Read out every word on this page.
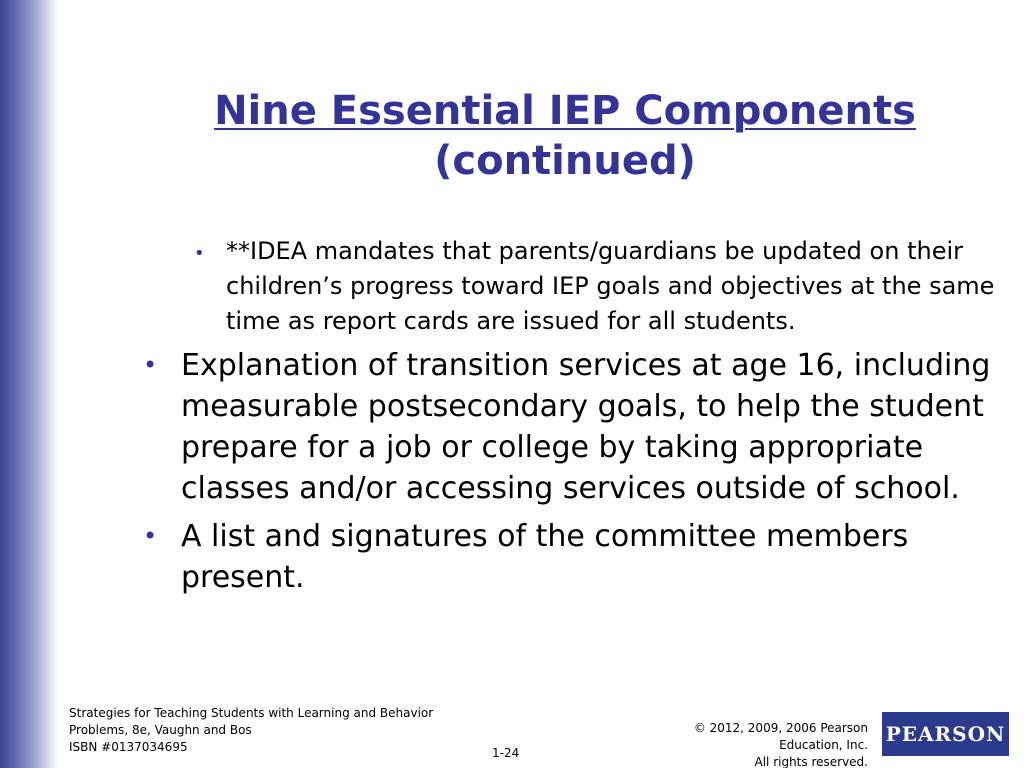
Nine Essential IEP Components
(continued)
• **IDEA mandates that parents/guardians be updated on their children’s progress toward IEP goals and objectives at the same time as report cards are issued for all students.
• Explanation of transition services at age 16, including measurable postsecondary goals, to help the student prepare for a job or college by taking appropriate classes and/or accessing services outside of school.
• A list and signatures of the committee members present.
Strategies for Teaching Students with Learning and Behavior
Problems, 8e, Vaughn and Bos
ISBN #0137034695	1-24
© 2012, 2009, 2006 Pearson
Education, Inc.
All rights reserved.
PEARSON
